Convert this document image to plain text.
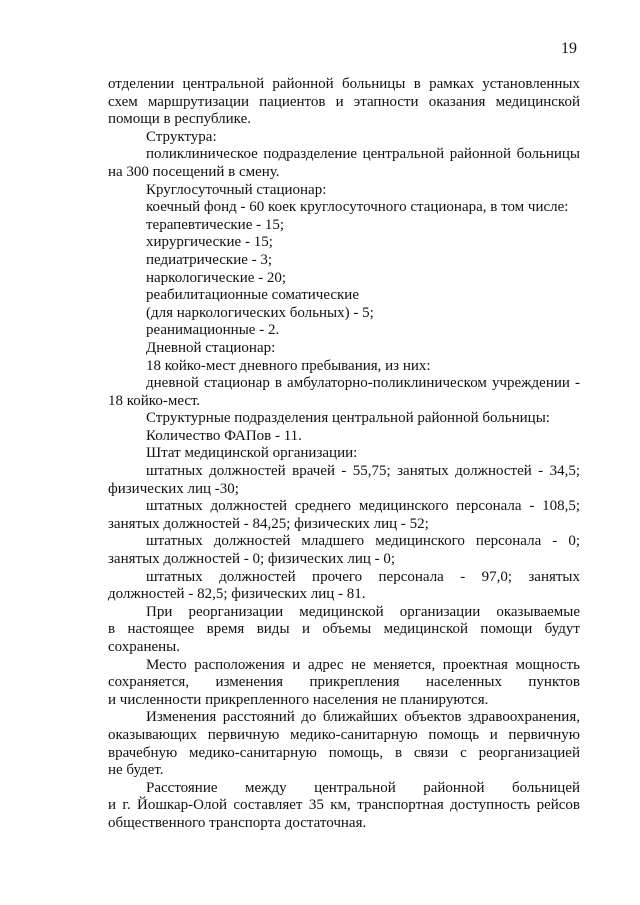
19
отделении центральной районной больницы в рамках установленных
схем маршрутизации пациентов и этапности оказания медицинской
помощи в республике.
Структура:
поликлиническое подразделение центральной районной больницы
на 300 посещений в смену.
Круглосуточный стационар:
коечный фонд - 60 коек круглосуточного стационара, в том числе:
терапевтические - 15;
хирургические - 15;
педиатрические - 3;
наркологические - 20;
реабилитационные соматические
(для наркологических больных) - 5;
реанимационные - 2.
Дневной стационар:
18 койко-мест дневного пребывания, из них:
дневной стационар в амбулаторно-поликлиническом учреждении -
18 койко-мест.
Структурные подразделения центральной районной больницы:
Количество ФАПов - 11.
Штат медицинской организации:
штатных должностей врачей - 55,75; занятых должностей - 34,5;
физических лиц -30;
штатных должностей среднего медицинского персонала - 108,5;
занятых должностей - 84,25; физических лиц - 52;
штатных должностей младшего медицинского персонала - 0;
занятых должностей - 0; физических лиц - 0;
штатных должностей прочего персонала - 97,0; занятых
должностей - 82,5; физических лиц - 81.
При реорганизации медицинской организации оказываемые
в настоящее время виды и объемы медицинской помощи будут
сохранены.
Место расположения и адрес не меняется, проектная мощность
сохраняется, изменения прикрепления населенных пунктов
и численности прикрепленного населения не планируются.
Изменения расстояний до ближайших объектов здравоохранения,
оказывающих первичную медико-санитарную помощь и первичную
врачебную медико-санитарную помощь, в связи с реорганизацией
не будет.
Расстояние между центральной районной больницей
и г. Йошкар-Олой составляет 35 км, транспортная доступность рейсов
общественного транспорта достаточная.
